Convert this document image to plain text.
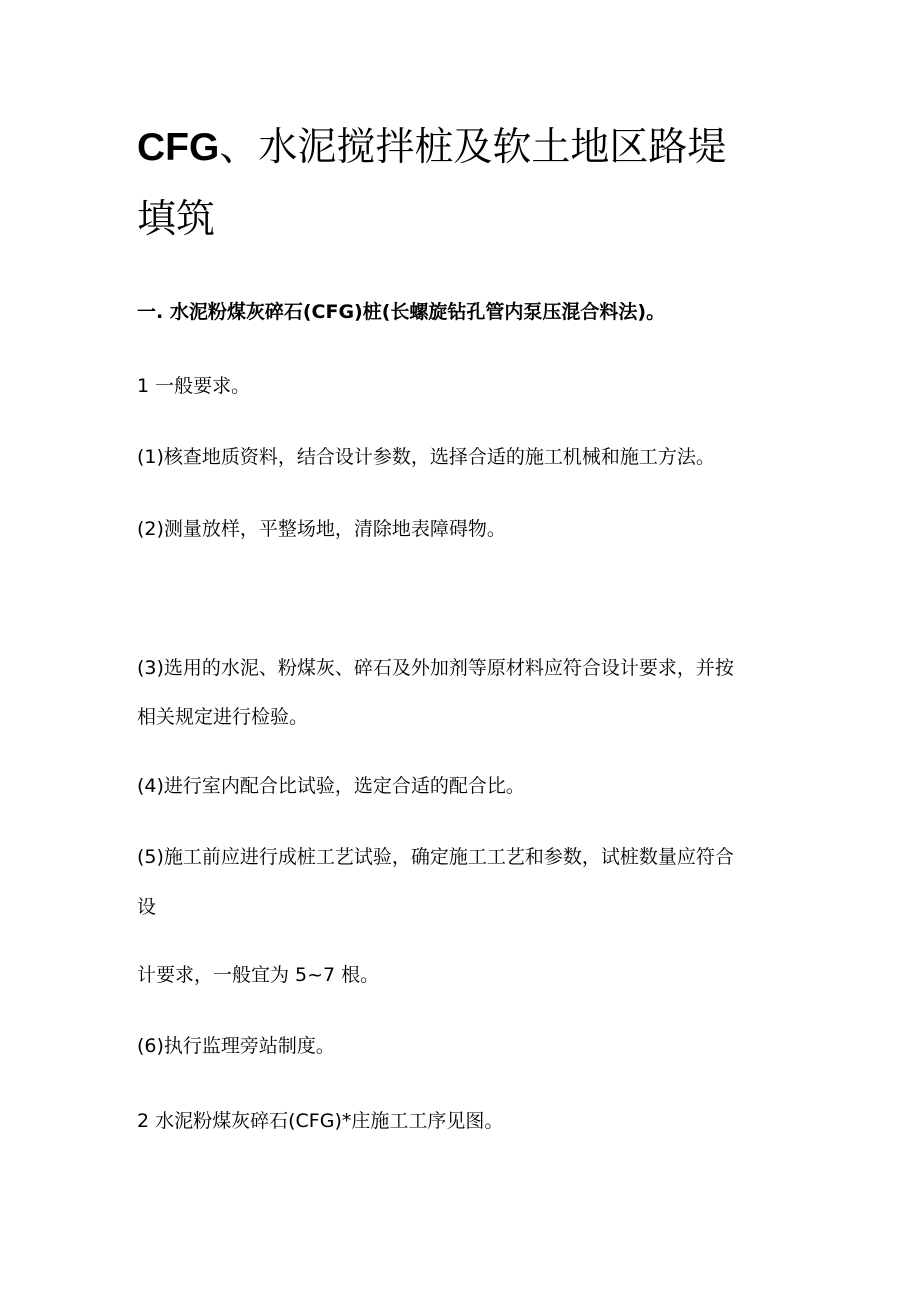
CFG、水泥搅拌桩及软土地区路堤
填筑

一. 水泥粉煤灰碎石(CFG)桩(长螺旋钻孔管内泵压混合料法)。

1 一般要求。

(1)核查地质资料，结合设计参数，选择合适的施工机械和施工方法。

(2)测量放样，平整场地，清除地表障碍物。

(3)选用的水泥、粉煤灰、碎石及外加剂等原材料应符合设计要求，并按

相关规定进行检验。

(4)进行室内配合比试验，选定合适的配合比。

(5)施工前应进行成桩工艺试验，确定施工工艺和参数，试桩数量应符合

设

计要求，一般宜为 5~7 根。

(6)执行监理旁站制度。

2 水泥粉煤灰碎石(CFG)*庄施工工序见图。
